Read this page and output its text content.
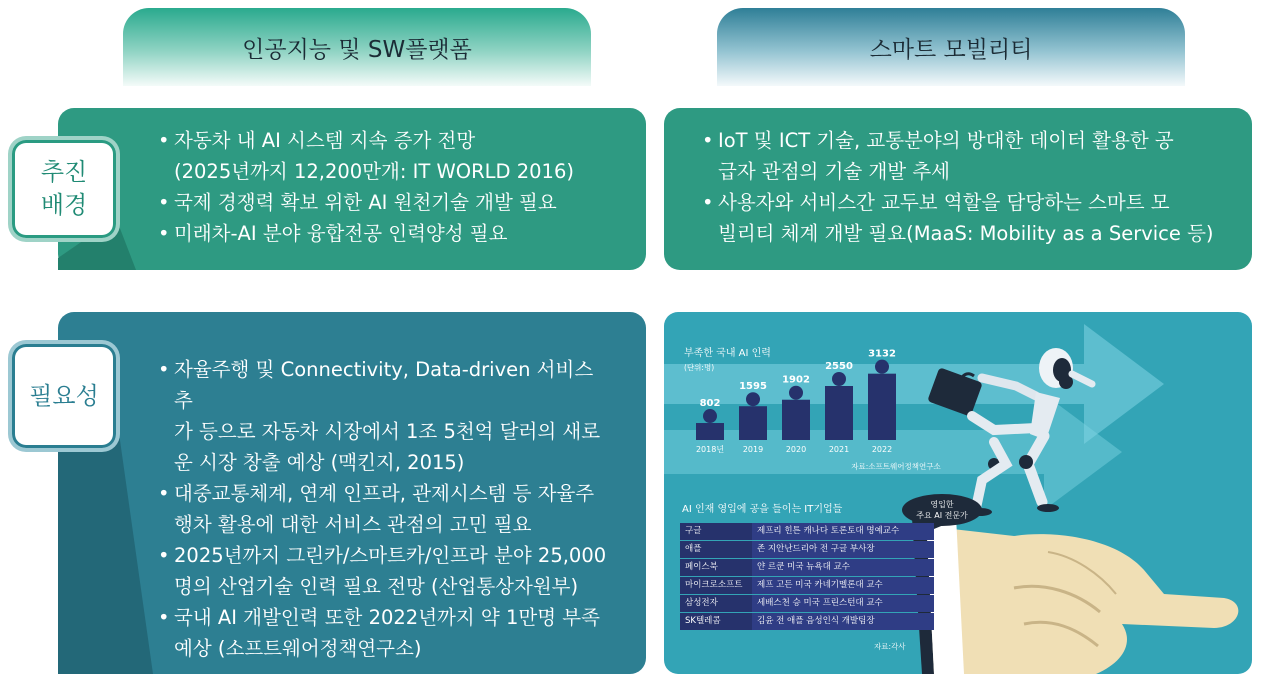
인공지능 및 SW플랫폼	스마트 모빌리티
• 자동차 내 AI 시스템 지속 증가 전망
(2025년까지 12,200만개: IT WORLD 2016)
• 국제 경쟁력 확보 위한 AI 원천기술 개발 필요
• 미래차-AI 분야 융합전공 인력양성 필요
• IoT 및 ICT 기술, 교통분야의 방대한 데이터 활용한 공
급자 관점의 기술 개발 추세
• 사용자와 서비스간 교두보 역할을 담당하는 스마트 모
빌리티 체계 개발 필요(MaaS: Mobility as a Service 등)
• 자율주행 및 Connectivity, Data-driven 서비스 추
가 등으로 자동차 시장에서 1조 5천억 달러의 새로
운 시장 창출 예상 (맥킨지, 2015)
• 대중교통체계, 연계 인프라, 관제시스템 등 자율주
행차 활용에 대한 서비스 관점의 고민 필요
• 2025년까지 그린카/스마트카/인프라 분야 25,000
명의 산업기술 인력 필요 전망 (산업통상자원부)
• 국내 AI 개발인력 또한 2022년까지 약 1만명 부족
예상 (소프트웨어정책연구소)
추진
배경
필요성
부족한 국내 AI 인력
(단위:명)
802
2018년
1595
2019
1902
2020
2550
2021
3132
2022
자료:소프트웨어정책연구소
영입한
주요 AI 전문가
AI 인재 영입에 공을 들이는 IT기업들
자료:각사
구글	제프리 힌튼 캐나다 토론토대 명예교수
애플	존 지안난드리아 전 구글 부사장
페이스북	얀 르쿤 미국 뉴욕대 교수
마이크로소프트	제프 고든 미국 카네기멜론대 교수
삼성전자	세배스천 승 미국 프린스턴대 교수
SK텔레콤	김윤 전 애플 음성인식 개발팀장
